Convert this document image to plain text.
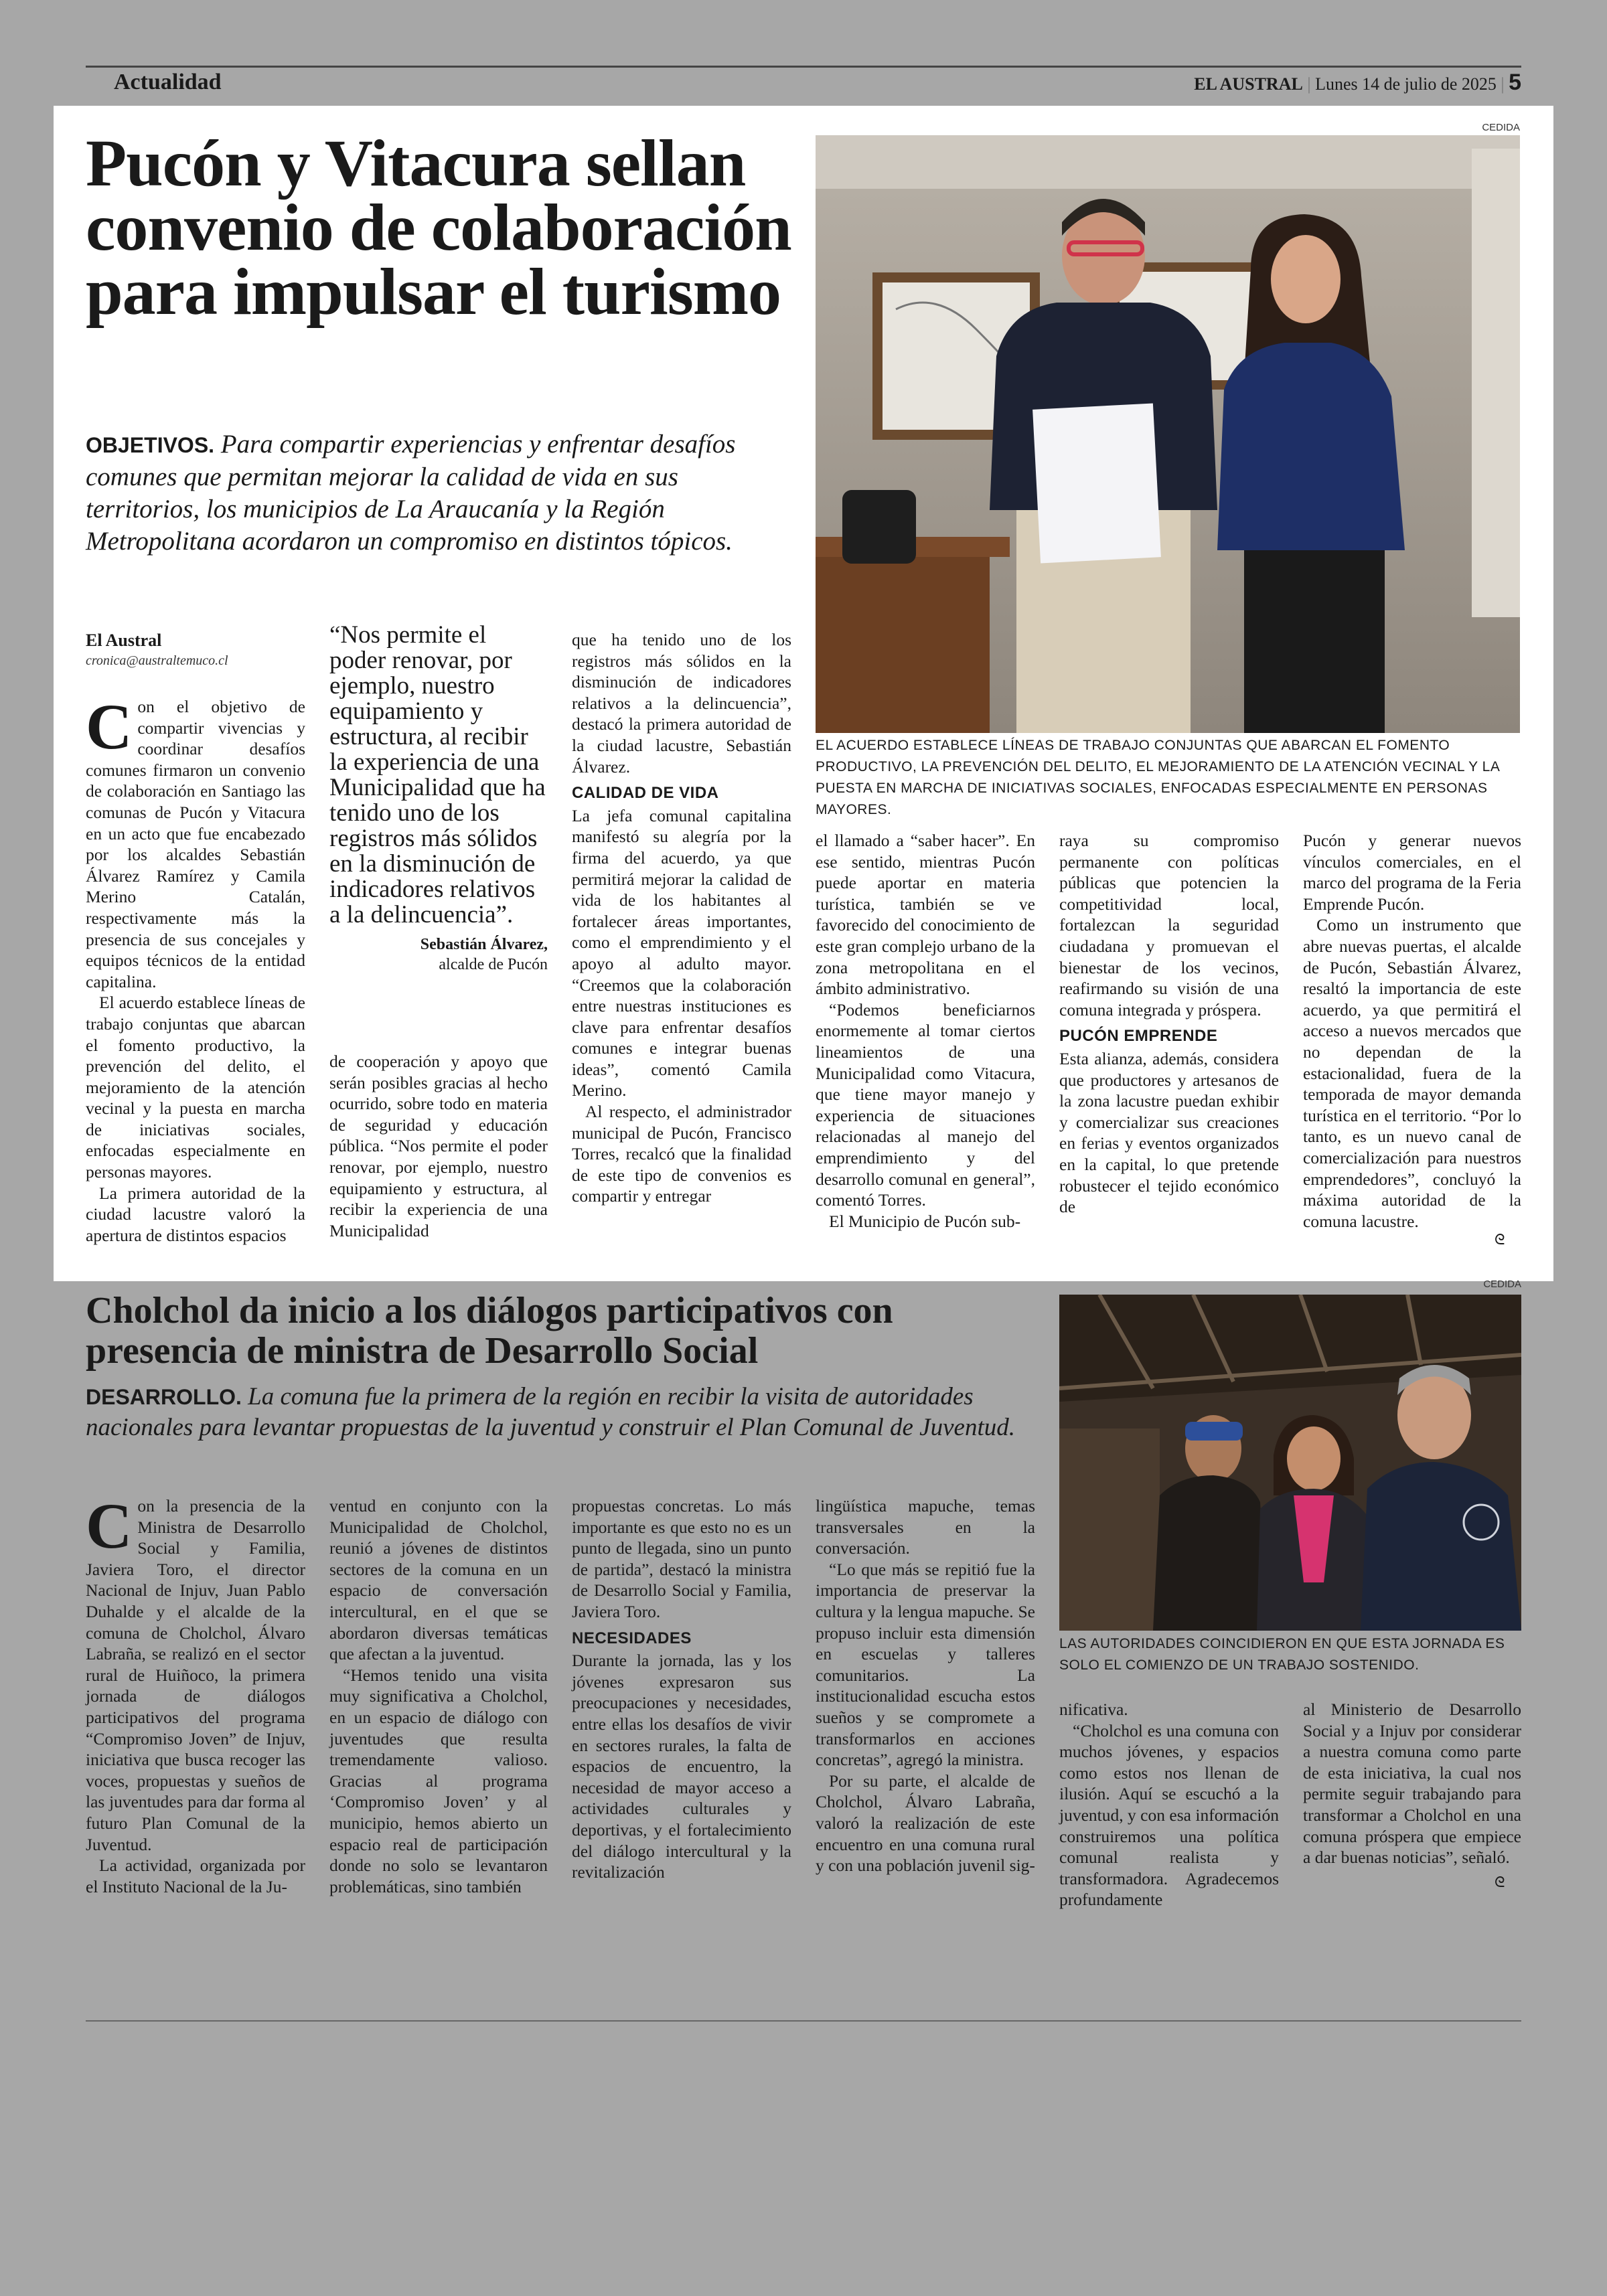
Actualidad	EL AUSTRAL | Lunes 14 de julio de 2025 | 5
Pucón y Vitacura sellan convenio de colaboración para impulsar el turismo
OBJETIVOS. Para compartir experiencias y enfrentar desafíos comunes que permitan mejorar la calidad de vida en sus territorios, los municipios de La Araucanía y la Región Metropolitana acordaron un compromiso en distintos tópicos.
El Austral
cronica@australtemuco.cl
CEDIDA
EL ACUERDO ESTABLECE LÍNEAS DE TRABAJO CONJUNTAS QUE ABARCAN EL FOMENTO PRODUCTIVO, LA PREVENCIÓN DEL DELITO, EL MEJORAMIENTO DE LA ATENCIÓN VECINAL Y LA PUESTA EN MARCHA DE INICIATIVAS SOCIALES, ENFOCADAS ESPECIALMENTE EN PERSONAS MAYORES.
“Nos permite el poder renovar, por ejemplo, nuestro equipamiento y estructura, al recibir la experiencia de una Municipalidad que ha tenido uno de los registros más sólidos en la disminución de indicadores relativos a la delincuencia”.
Sebastián Álvarez,
alcalde de Pucón
C on el objetivo de compartir vivencias y coordinar desafíos comunes firmaron un convenio de colaboración en Santiago las comunas de Pucón y Vitacura en un acto que fue encabezado por los alcaldes Sebastián Álvarez Ramírez y Camila Merino Catalán, respectivamente más la presencia de sus concejales y equipos técnicos de la entidad capitalina.

El acuerdo establece líneas de trabajo conjuntas que abarcan el fomento productivo, la prevención del delito, el mejoramiento de la atención vecinal y la puesta en marcha de iniciativas sociales, enfocadas especialmente en personas mayores.

La primera autoridad de la ciudad lacustre valoró la apertura de distintos espacios

de cooperación y apoyo que serán posibles gracias al hecho ocurrido, sobre todo en materia de seguridad y educación pública. “Nos permite el poder renovar, por ejemplo, nuestro equipamiento y estructura, al recibir la experiencia de una Municipalidad

que ha tenido uno de los registros más sólidos en la disminución de indicadores relativos a la delincuencia”, destacó la primera autoridad de la ciudad lacustre, Sebastián Álvarez.

CALIDAD DE VIDA

La jefa comunal capitalina manifestó su alegría por la firma del acuerdo, ya que permitirá mejorar la calidad de vida de los habitantes al fortalecer áreas importantes, como el emprendimiento y el apoyo al adulto mayor. “Creemos que la colaboración entre nuestras instituciones es clave para enfrentar desafíos comunes e integrar buenas ideas”, comentó Camila Merino.

Al respecto, el administrador municipal de Pucón, Francisco Torres, recalcó que la finalidad de este tipo de convenios es compartir y entregar

el llamado a “saber hacer”. En ese sentido, mientras Pucón puede aportar en materia turística, también se ve favorecido del conocimiento de este gran complejo urbano de la zona metropolitana en el ámbito administrativo.

“Podemos beneficiarnos enormemente al tomar ciertos lineamientos de una Municipalidad como Vitacura, que tiene mayor manejo y experiencia de situaciones relacionadas al manejo del emprendimiento y del desarrollo comunal en general”, comentó Torres.

El Municipio de Pucón sub-

raya su compromiso permanente con políticas públicas que potencien la competitividad local, fortalezcan la seguridad ciudadana y promuevan el bienestar de los vecinos, reafirmando su visión de una comuna integrada y próspera.

PUCÓN EMPRENDE

Esta alianza, además, considera que productores y artesanos de la zona lacustre puedan exhibir y comercializar sus creaciones en ferias y eventos organizados en la capital, lo que pretende robustecer el tejido económico de

Pucón y generar nuevos vínculos comerciales, en el marco del programa de la Feria Emprende Pucón.

Como un instrumento que abre nuevas puertas, el alcalde de Pucón, Sebastián Álvarez, resaltó la importancia de este acuerdo, ya que permitirá el acceso a nuevos mercados que no dependan de la estacionalidad, fuera de la temporada de mayor demanda turística en el territorio. “Por lo tanto, es un nuevo canal de comercialización para nuestros emprendedores”, concluyó la máxima autoridad de la comuna lacustre.

ᘓ
Cholchol da inicio a los diálogos participativos con presencia de ministra de Desarrollo Social
DESARROLLO. La comuna fue la primera de la región en recibir la visita de autoridades nacionales para levantar propuestas de la juventud y construir el Plan Comunal de Juventud.
CEDIDA
LAS AUTORIDADES COINCIDIERON EN QUE ESTA JORNADA ES SOLO EL COMIENZO DE UN TRABAJO SOSTENIDO.
C on la presencia de la Ministra de Desarrollo Social y Familia, Javiera Toro, el director Nacional de Injuv, Juan Pablo Duhalde y el alcalde de la comuna de Cholchol, Álvaro Labraña, se realizó en el sector rural de Huiñoco, la primera jornada de diálogos participativos del programa “Compromiso Joven” de Injuv, iniciativa que busca recoger las voces, propuestas y sueños de las juventudes para dar forma al futuro Plan Comunal de la Juventud.

La actividad, organizada por el Instituto Nacional de la Ju-

ventud en conjunto con la Municipalidad de Cholchol, reunió a jóvenes de distintos sectores de la comuna en un espacio de conversación intercultural, en el que se abordaron diversas temáticas que afectan a la juventud.

“Hemos tenido una visita muy significativa a Cholchol, en un espacio de diálogo con juventudes que resulta tremendamente valioso. Gracias al programa ‘Compromiso Joven’ y al municipio, hemos abierto un espacio real de participación donde no solo se levantaron problemáticas, sino también

propuestas concretas. Lo más importante es que esto no es un punto de llegada, sino un punto de partida”, destacó la ministra de Desarrollo Social y Familia, Javiera Toro.

NECESIDADES

Durante la jornada, las y los jóvenes expresaron sus preocupaciones y necesidades, entre ellas los desafíos de vivir en sectores rurales, la falta de espacios de encuentro, la necesidad de mayor acceso a actividades culturales y deportivas, y el fortalecimiento del diálogo intercultural y la revitalización

lingüística mapuche, temas transversales en la conversación.

“Lo que más se repitió fue la importancia de preservar la cultura y la lengua mapuche. Se propuso incluir esta dimensión en escuelas y talleres comunitarios. La institucionalidad escucha estos sueños y se compromete a transformarlos en acciones concretas”, agregó la ministra.

Por su parte, el alcalde de Cholchol, Álvaro Labraña, valoró la realización de este encuentro en una comuna rural y con una población juvenil sig-

nificativa.

“Cholchol es una comuna con muchos jóvenes, y espacios como estos nos llenan de ilusión. Aquí se escuchó a la juventud, y con esa información construiremos una política comunal realista y transformadora. Agradecemos profundamente

al Ministerio de Desarrollo Social y a Injuv por considerar a nuestra comuna como parte de esta iniciativa, la cual nos permite seguir trabajando para transformar a Cholchol en una comuna próspera que empiece a dar buenas noticias”, señaló.

ᘓ
